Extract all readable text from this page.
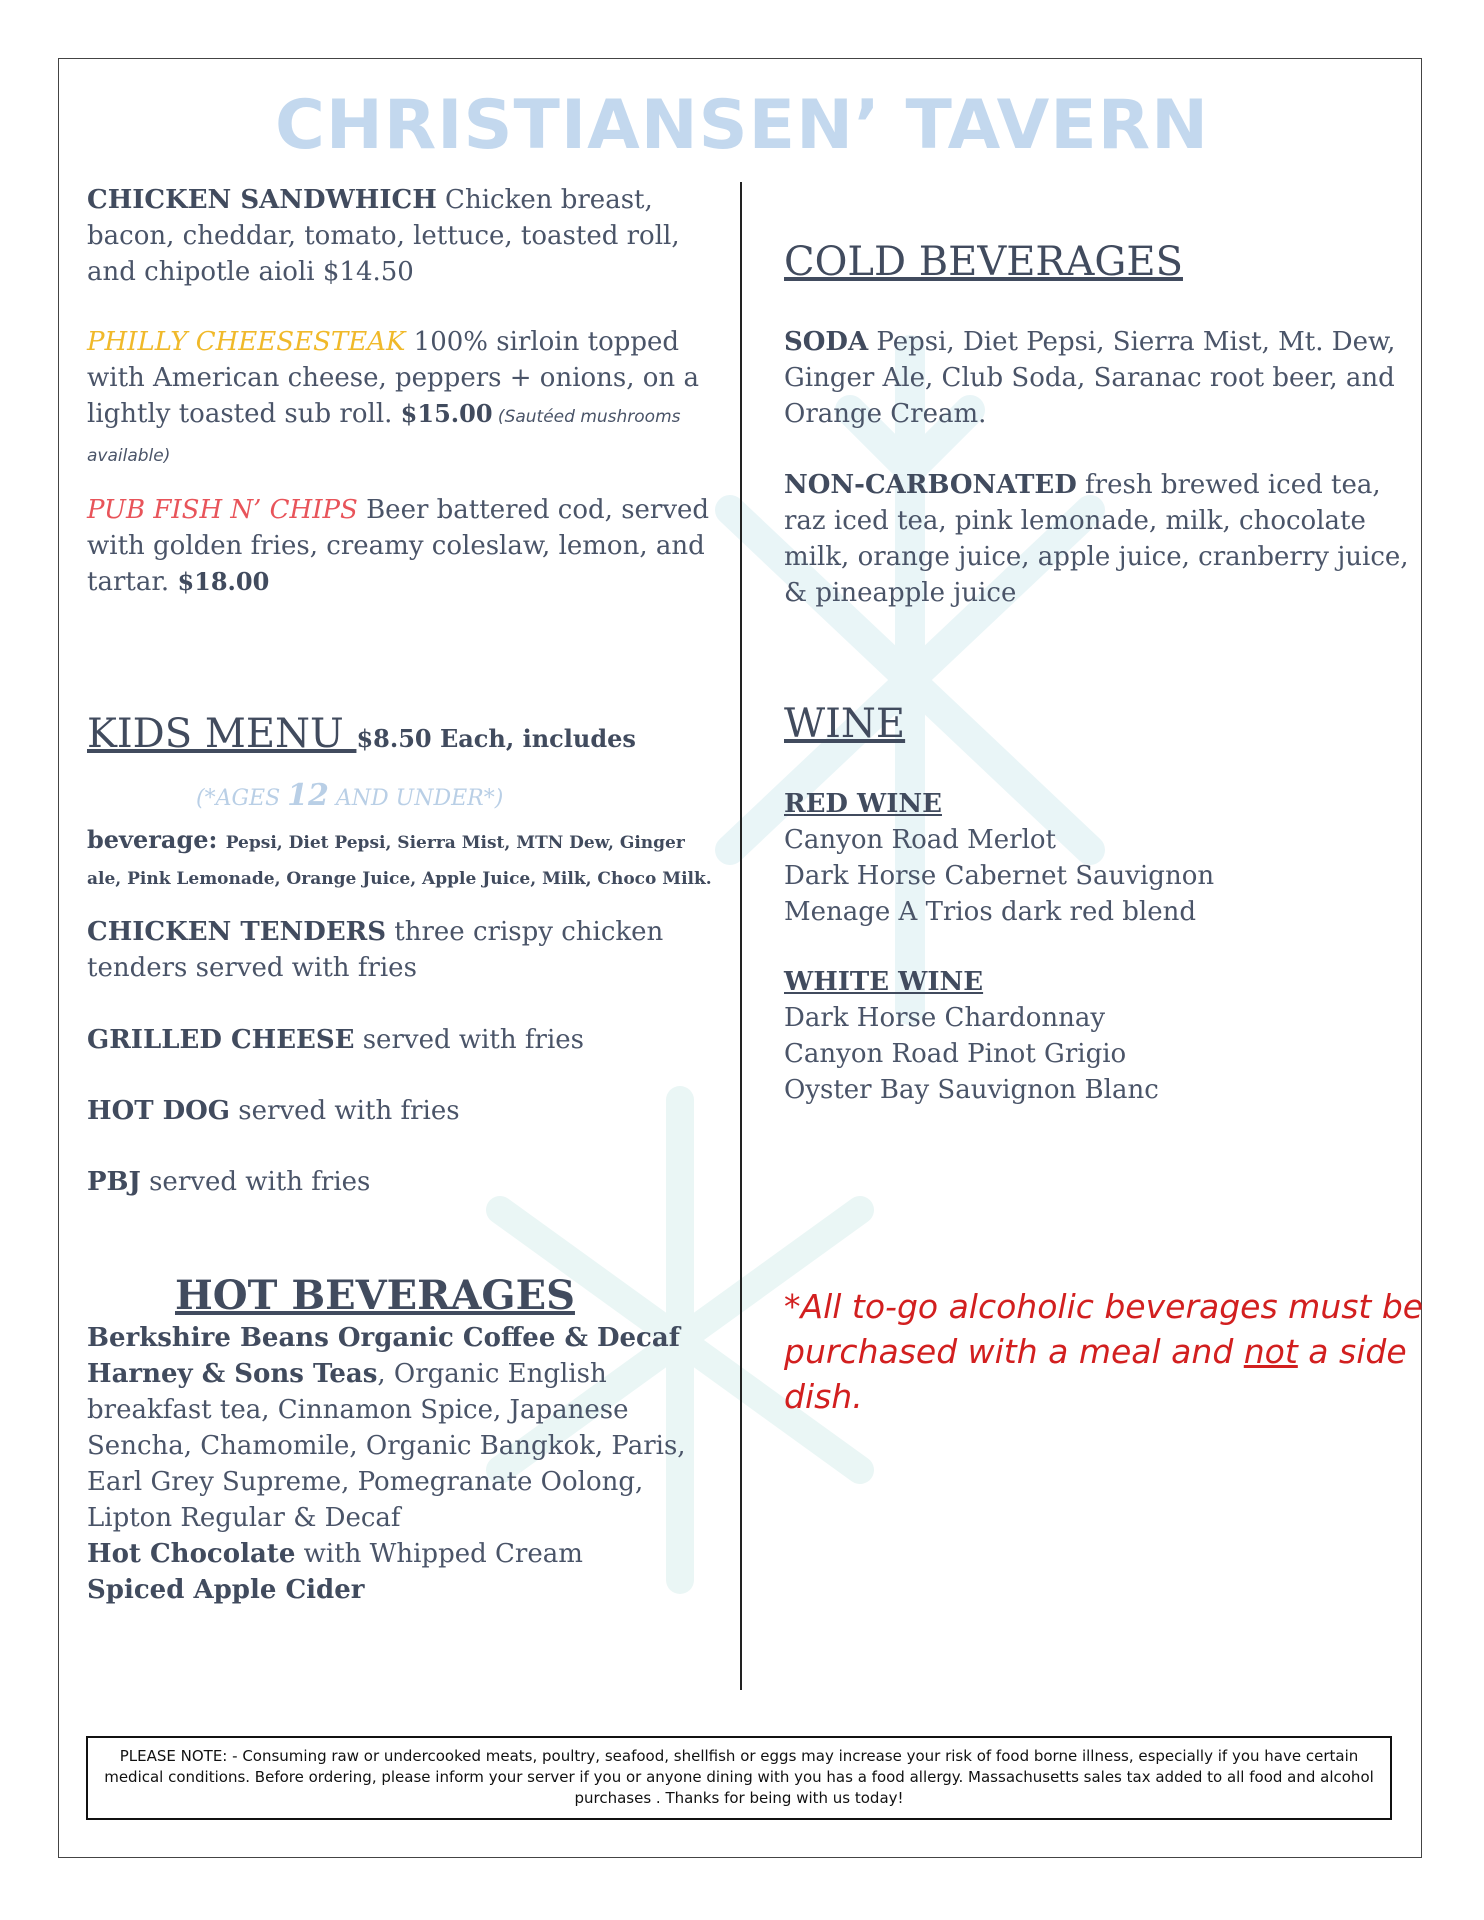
CHRISTIANSEN’ TAVERN
CHICKEN SANDWHICH Chicken breast, bacon, cheddar, tomato, lettuce, toasted roll, and chipotle aioli $14.50
PHILLY CHEESESTEAK 100% sirloin topped with American cheese, peppers + onions, on a lightly toasted sub roll. $15.00 (Sautéed mushrooms available)
PUB FISH N’ CHIPS Beer battered cod, served with golden fries, creamy coleslaw, lemon, and tartar. $18.00
KIDS MENU $8.50 Each, includes
(*AGES 12 AND UNDER*)
beverage: Pepsi, Diet Pepsi, Sierra Mist, MTN Dew, Ginger ale, Pink Lemonade, Orange Juice, Apple Juice, Milk, Choco Milk.
CHICKEN TENDERS three crispy chicken tenders served with fries
GRILLED CHEESE served with fries
HOT DOG served with fries
PBJ served with fries
HOT BEVERAGES
Berkshire Beans Organic Coffee & Decaf
Harney & Sons Teas, Organic English breakfast tea, Cinnamon Spice, Japanese Sencha, Chamomile, Organic Bangkok, Paris, Earl Grey Supreme, Pomegranate Oolong, Lipton Regular & Decaf
Hot Chocolate with Whipped Cream
Spiced Apple Cider
COLD BEVERAGES
SODA Pepsi, Diet Pepsi, Sierra Mist, Mt. Dew, Ginger Ale, Club Soda, Saranac root beer, and Orange Cream.
NON-CARBONATED fresh brewed iced tea, raz iced tea, pink lemonade, milk, chocolate milk, orange juice, apple juice, cranberry juice, & pineapple juice
WINE
RED WINE
Canyon Road Merlot
Dark Horse Cabernet Sauvignon
Menage A Trios dark red blend
WHITE WINE
Dark Horse Chardonnay
Canyon Road Pinot Grigio
Oyster Bay Sauvignon Blanc
*All to-go alcoholic beverages must be purchased with a meal and not a side dish.
PLEASE NOTE: - Consuming raw or undercooked meats, poultry, seafood, shellfish or eggs may increase your risk of food borne illness, especially if you have certain medical conditions. Before ordering, please inform your server if you or anyone dining with you has a food allergy. Massachusetts sales tax added to all food and alcohol purchases . Thanks for being with us today!
